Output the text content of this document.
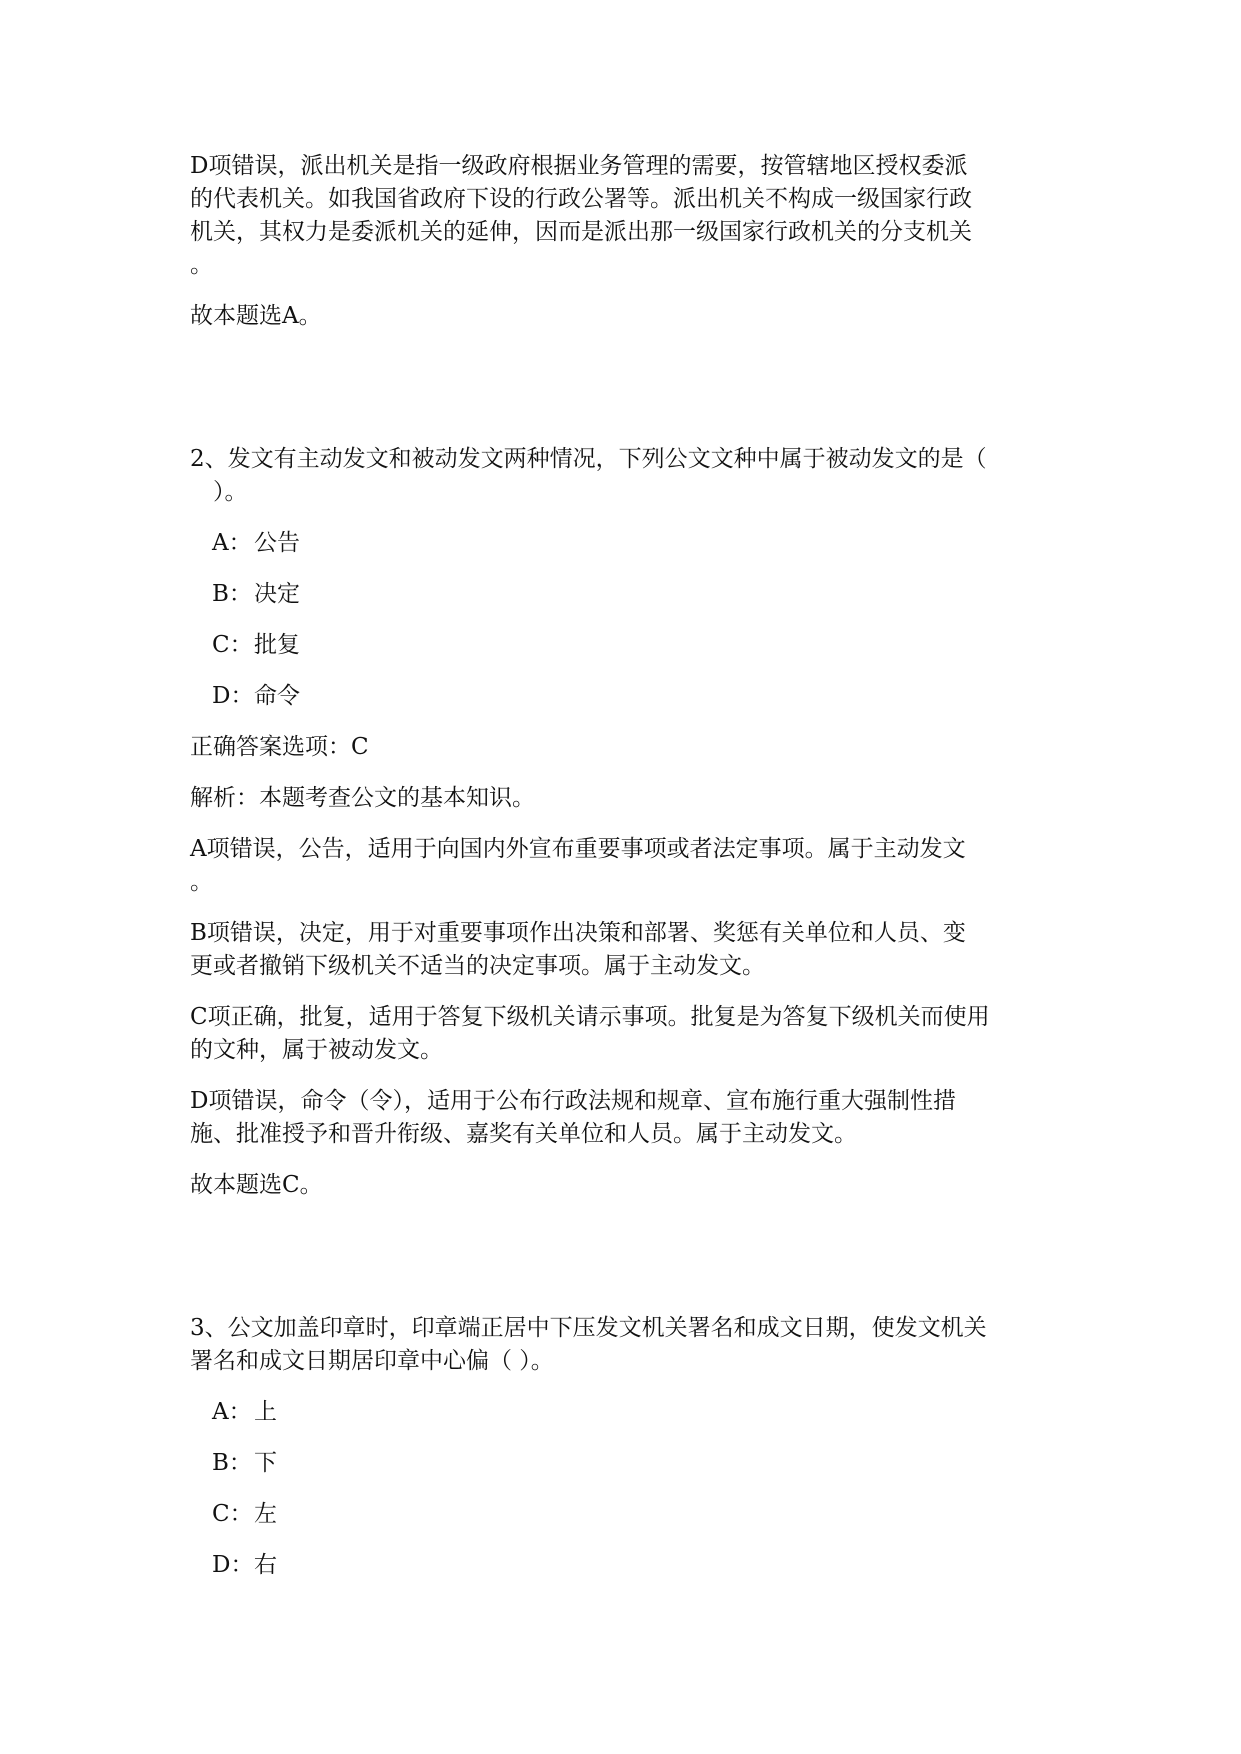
D项错误，派出机关是指一级政府根据业务管理的需要，按管辖地区授权委派
的代表机关。如我国省政府下设的行政公署等。派出机关不构成一级国家行政
机关，其权力是委派机关的延伸，因而是派出那一级国家行政机关的分支机关
。
故本题选A。
2、发文有主动发文和被动发文两种情况，下列公文文种中属于被动发文的是（
　）。
A： 公告
B：决定
C：批复
D：命令
正确答案选项：C
解析：本题考查公文的基本知识。
A项错误，公告，适用于向国内外宣布重要事项或者法定事项。属于主动发文
。
B项错误，决定，用于对重要事项作出决策和部署、奖惩有关单位和人员、变
更或者撤销下级机关不适当的决定事项。属于主动发文。
C项正确，批复，适用于答复下级机关请示事项。批复是为答复下级机关而使用
的文种，属于被动发文。
D项错误，命令（令），适用于公布行政法规和规章、宣布施行重大强制性措
施、批准授予和晋升衔级、嘉奖有关单位和人员。属于主动发文。
故本题选C。
3、公文加盖印章时，印章端正居中下压发文机关署名和成文日期，使发文机关
署名和成文日期居印章中心偏（ ）。
A： 上
B：下
C：左
D：右
